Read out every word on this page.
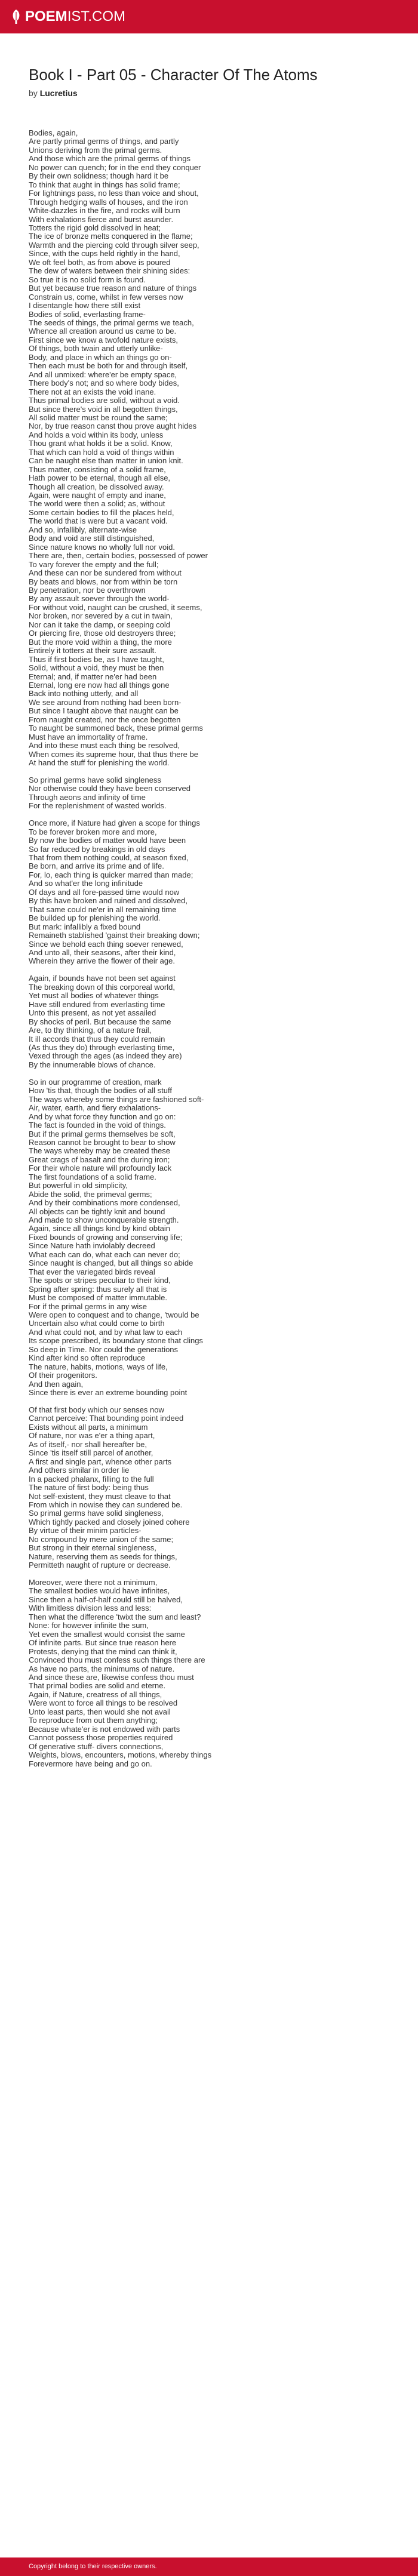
POEM IST.COM
Book I - Part 05 - Character Of The Atoms
by Lucretius
Bodies, again,
Are partly primal germs of things, and partly
Unions deriving from the primal germs.
And those which are the primal germs of things
No power can quench; for in the end they conquer
By their own solidness; though hard it be
To think that aught in things has solid frame;
For lightnings pass, no less than voice and shout,
Through hedging walls of houses, and the iron
White-dazzles in the fire, and rocks will burn
With exhalations fierce and burst asunder.
Totters the rigid gold dissolved in heat;
The ice of bronze melts conquered in the flame;
Warmth and the piercing cold through silver seep,
Since, with the cups held rightly in the hand,
We oft feel both, as from above is poured
The dew of waters between their shining sides:
So true it is no solid form is found.
But yet because true reason and nature of things
Constrain us, come, whilst in few verses now
I disentangle how there still exist
Bodies of solid, everlasting frame-
The seeds of things, the primal germs we teach,
Whence all creation around us came to be.
First since we know a twofold nature exists,
Of things, both twain and utterly unlike-
Body, and place in which an things go on-
Then each must be both for and through itself,
And all unmixed: where'er be empty space,
There body's not; and so where body bides,
There not at an exists the void inane.
Thus primal bodies are solid, without a void.
But since there's void in all begotten things,
All solid matter must be round the same;
Nor, by true reason canst thou prove aught hides
And holds a void within its body, unless
Thou grant what holds it be a solid. Know,
That which can hold a void of things within
Can be naught else than matter in union knit.
Thus matter, consisting of a solid frame,
Hath power to be eternal, though all else,
Though all creation, be dissolved away.
Again, were naught of empty and inane,
The world were then a solid; as, without
Some certain bodies to fill the places held,
The world that is were but a vacant void.
And so, infallibly, alternate-wise
Body and void are still distinguished,
Since nature knows no wholly full nor void.
There are, then, certain bodies, possessed of power
To vary forever the empty and the full;
And these can nor be sundered from without
By beats and blows, nor from within be torn
By penetration, nor be overthrown
By any assault soever through the world-
For without void, naught can be crushed, it seems,
Nor broken, nor severed by a cut in twain,
Nor can it take the damp, or seeping cold
Or piercing fire, those old destroyers three;
But the more void within a thing, the more
Entirely it totters at their sure assault.
Thus if first bodies be, as I have taught,
Solid, without a void, they must be then
Eternal; and, if matter ne'er had been
Eternal, long ere now had all things gone
Back into nothing utterly, and all
We see around from nothing had been born-
But since I taught above that naught can be
From naught created, nor the once begotten
To naught be summoned back, these primal germs
Must have an immortality of frame.
And into these must each thing be resolved,
When comes its supreme hour, that thus there be
At hand the stuff for plenishing the world.
So primal germs have solid singleness
Nor otherwise could they have been conserved
Through aeons and infinity of time
For the replenishment of wasted worlds.
Once more, if Nature had given a scope for things
To be forever broken more and more,
By now the bodies of matter would have been
So far reduced by breakings in old days
That from them nothing could, at season fixed,
Be born, and arrive its prime and of life.
For, lo, each thing is quicker marred than made;
And so what'er the long infinitude
Of days and all fore-passed time would now
By this have broken and ruined and dissolved,
That same could ne'er in all remaining time
Be builded up for plenishing the world.
But mark: infallibly a fixed bound
Remaineth stablished 'gainst their breaking down;
Since we behold each thing soever renewed,
And unto all, their seasons, after their kind,
Wherein they arrive the flower of their age.
Again, if bounds have not been set against
The breaking down of this corporeal world,
Yet must all bodies of whatever things
Have still endured from everlasting time
Unto this present, as not yet assailed
By shocks of peril. But because the same
Are, to thy thinking, of a nature frail,
It ill accords that thus they could remain
(As thus they do) through everlasting time,
Vexed through the ages (as indeed they are)
By the innumerable blows of chance.
So in our programme of creation, mark
How 'tis that, though the bodies of all stuff
The ways whereby some things are fashioned soft-
Air, water, earth, and fiery exhalations-
And by what force they function and go on:
The fact is founded in the void of things.
But if the primal germs themselves be soft,
Reason cannot be brought to bear to show
The ways whereby may be created these
Great crags of basalt and the during iron;
For their whole nature will profoundly lack
The first foundations of a solid frame.
But powerful in old simplicity,
Abide the solid, the primeval germs;
And by their combinations more condensed,
All objects can be tightly knit and bound
And made to show unconquerable strength.
Again, since all things kind by kind obtain
Fixed bounds of growing and conserving life;
Since Nature hath inviolably decreed
What each can do, what each can never do;
Since naught is changed, but all things so abide
That ever the variegated birds reveal
The spots or stripes peculiar to their kind,
Spring after spring: thus surely all that is
Must be composed of matter immutable.
For if the primal germs in any wise
Were open to conquest and to change, 'twould be
Uncertain also what could come to birth
And what could not, and by what law to each
Its scope prescribed, its boundary stone that clings
So deep in Time. Nor could the generations
Kind after kind so often reproduce
The nature, habits, motions, ways of life,
Of their progenitors.
And then again,
Since there is ever an extreme bounding point
Of that first body which our senses now
Cannot perceive: That bounding point indeed
Exists without all parts, a minimum
Of nature, nor was e'er a thing apart,
As of itself,- nor shall hereafter be,
Since 'tis itself still parcel of another,
A first and single part, whence other parts
And others similar in order lie
In a packed phalanx, filling to the full
The nature of first body: being thus
Not self-existent, they must cleave to that
From which in nowise they can sundered be.
So primal germs have solid singleness,
Which tightly packed and closely joined cohere
By virtue of their minim particles-
No compound by mere union of the same;
But strong in their eternal singleness,
Nature, reserving them as seeds for things,
Permitteth naught of rupture or decrease.
Moreover, were there not a minimum,
The smallest bodies would have infinites,
Since then a half-of-half could still be halved,
With limitless division less and less:
Then what the difference 'twixt the sum and least?
None: for however infinite the sum,
Yet even the smallest would consist the same
Of infinite parts. But since true reason here
Protests, denying that the mind can think it,
Convinced thou must confess such things there are
As have no parts, the minimums of nature.
And since these are, likewise confess thou must
That primal bodies are solid and eterne.
Again, if Nature, creatress of all things,
Were wont to force all things to be resolved
Unto least parts, then would she not avail
To reproduce from out them anything;
Because whate'er is not endowed with parts
Cannot possess those properties required
Of generative stuff- divers connections,
Weights, blows, encounters, motions, whereby things
Forevermore have being and go on.
Copyright belong to their respective owners.
